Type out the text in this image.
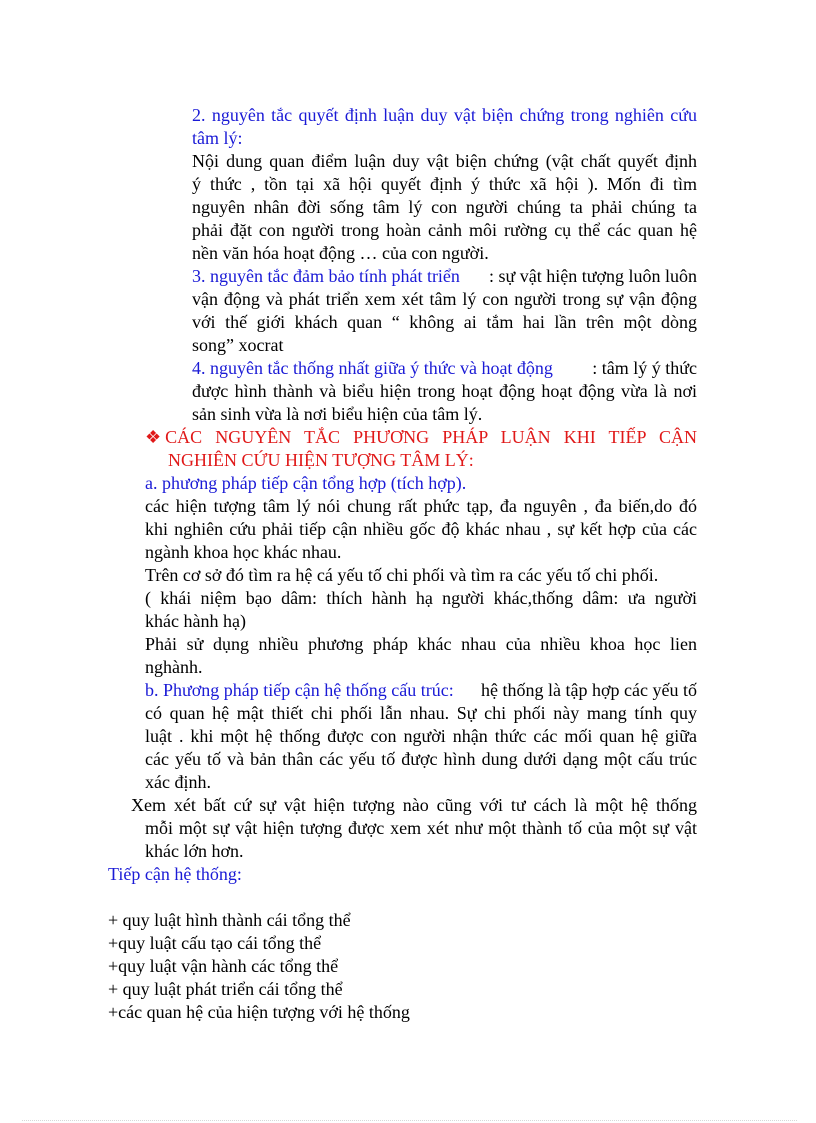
2. nguyên tắc quyết định luận duy vật biện chứng trong nghiên cứu
tâm lý:
Nội dung quan điểm luận duy vật biện chứng (vật chất quyết định
ý thức , tồn tại xã hội quyết định ý thức xã hội ). Mốn đi tìm
nguyên nhân đời sống tâm lý con người chúng ta phải chúng ta
phải đặt con người trong hoàn cảnh môi rường cụ thể các quan hệ
nền văn hóa hoạt động … của con người.
3. nguyên tắc đảm bảo tính phát triển : sự vật hiện tượng luôn luôn
vận động và phát triển xem xét tâm lý con người trong sự vận động
với thế giới khách quan “ không ai tắm hai lần trên một dòng
song” xocrat
4. nguyên tắc thống nhất giữa ý thức và hoạt động : tâm lý ý thức
được hình thành và biểu hiện trong hoạt động hoạt động vừa là nơi
sản sinh vừa là nơi biểu hiện của tâm lý.
❖ CÁC NGUYÊN TẮC PHƯƠNG PHÁP LUẬN KHI TIẾP CẬN
NGHIÊN CỨU HIỆN TƯỢNG TÂM LÝ:
a. phương pháp tiếp cận tổng hợp (tích hợp).
các hiện tượng tâm lý nói chung rất phức tạp, đa nguyên , đa biến,do đó
khi nghiên cứu phải tiếp cận nhiều gốc độ khác nhau , sự kết hợp của các
ngành khoa học khác nhau.
Trên cơ sở đó tìm ra hệ cá yếu tố chi phối và tìm ra các yếu tố chi phối.
( khái niệm bạo dâm: thích hành hạ người khác,thống dâm: ưa người
khác hành hạ)
Phải sử dụng nhiều phương pháp khác nhau của nhiều khoa học lien
nghành.
b. Phương pháp tiếp cận hệ thống cấu trúc: hệ thống là tập hợp các yếu tố
có quan hệ mật thiết chi phối lẫn nhau. Sự chi phối này mang tính quy
luật . khi một hệ thống được con người nhận thức các mối quan hệ giữa
các yếu tố và bản thân các yếu tố được hình dung dưới dạng một cấu trúc
xác định.
Xem xét bất cứ sự vật hiện tượng nào cũng với tư cách là một hệ thống
mỗi một sự vật hiện tượng được xem xét như một thành tố của một sự vật
khác lớn hơn.
Tiếp cận hệ thống:
+ quy luật hình thành cái tổng thể
+quy luật cấu tạo cái tổng thể
+quy luật vận hành các tổng thể
+ quy luật phát triển cái tổng thể
+các quan hệ của hiện tượng với hệ thống
